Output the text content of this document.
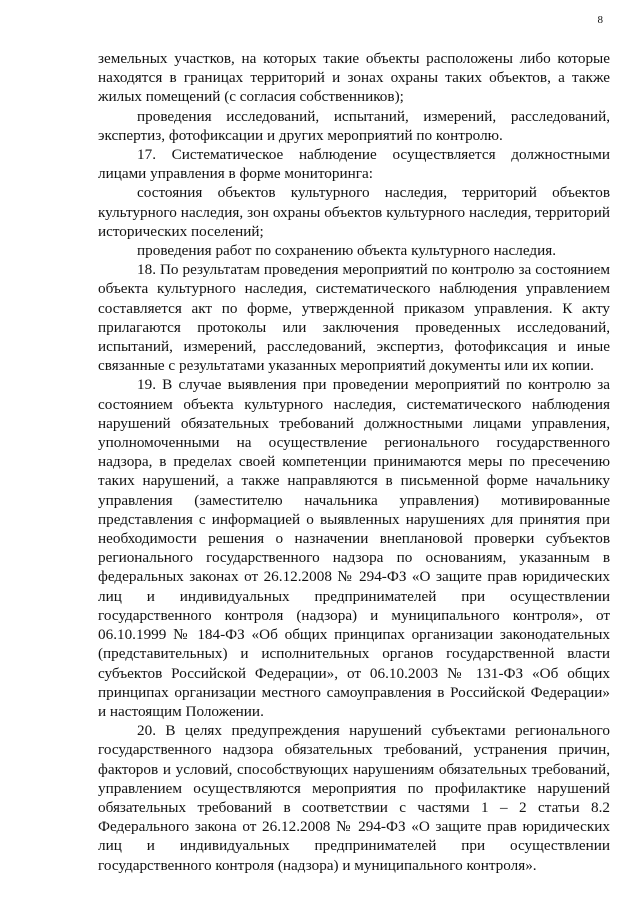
8

земельных участков, на которых такие объекты расположены либо которые находятся в границах территорий и зонах охраны таких объектов, а также жилых помещений (с согласия собственников);

проведения исследований, испытаний, измерений, расследований, экспертиз, фотофиксации и других мероприятий по контролю.

17. Систематическое наблюдение осуществляется должностными лицами управления в форме мониторинга:

состояния объектов культурного наследия, территорий объектов культурного наследия, зон охраны объектов культурного наследия, территорий исторических поселений;

проведения работ по сохранению объекта культурного наследия.

18. По результатам проведения мероприятий по контролю за состоянием объекта культурного наследия, систематического наблюдения управлением составляется акт по форме, утвержденной приказом управления. К акту прилагаются протоколы или заключения проведенных исследований, испытаний, измерений, расследований, экспертиз, фотофиксация и иные связанные с результатами указанных мероприятий документы или их копии.

19. В случае выявления при проведении мероприятий по контролю за состоянием объекта культурного наследия, систематического наблюдения нарушений обязательных требований должностными лицами управления, уполномоченными на осуществление регионального государственного надзора, в пределах своей компетенции принимаются меры по пресечению таких нарушений, а также направляются в письменной форме начальнику управления (заместителю начальника управления) мотивированные представления с информацией о выявленных нарушениях для принятия при необходимости решения о назначении внеплановой проверки субъектов регионального государственного надзора по основаниям, указанным в федеральных законах от 26.12.2008 № 294-ФЗ «О защите прав юридических лиц и индивидуальных предпринимателей при осуществлении государственного контроля (надзора) и муниципального контроля», от 06.10.1999 № 184-ФЗ «Об общих принципах организации законодательных (представительных) и исполнительных органов государственной власти субъектов Российской Федерации», от 06.10.2003 № 131-ФЗ «Об общих принципах организации местного самоуправления в Российской Федерации» и настоящим Положении.

20. В целях предупреждения нарушений субъектами регионального государственного надзора обязательных требований, устранения причин, факторов и условий, способствующих нарушениям обязательных требований, управлением осуществляются мероприятия по профилактике нарушений обязательных требований в соответствии с частями 1 – 2 статьи 8.2 Федерального закона от 26.12.2008 № 294-ФЗ «О защите прав юридических лиц и индивидуальных предпринимателей при осуществлении государственного контроля (надзора) и муниципального контроля».
